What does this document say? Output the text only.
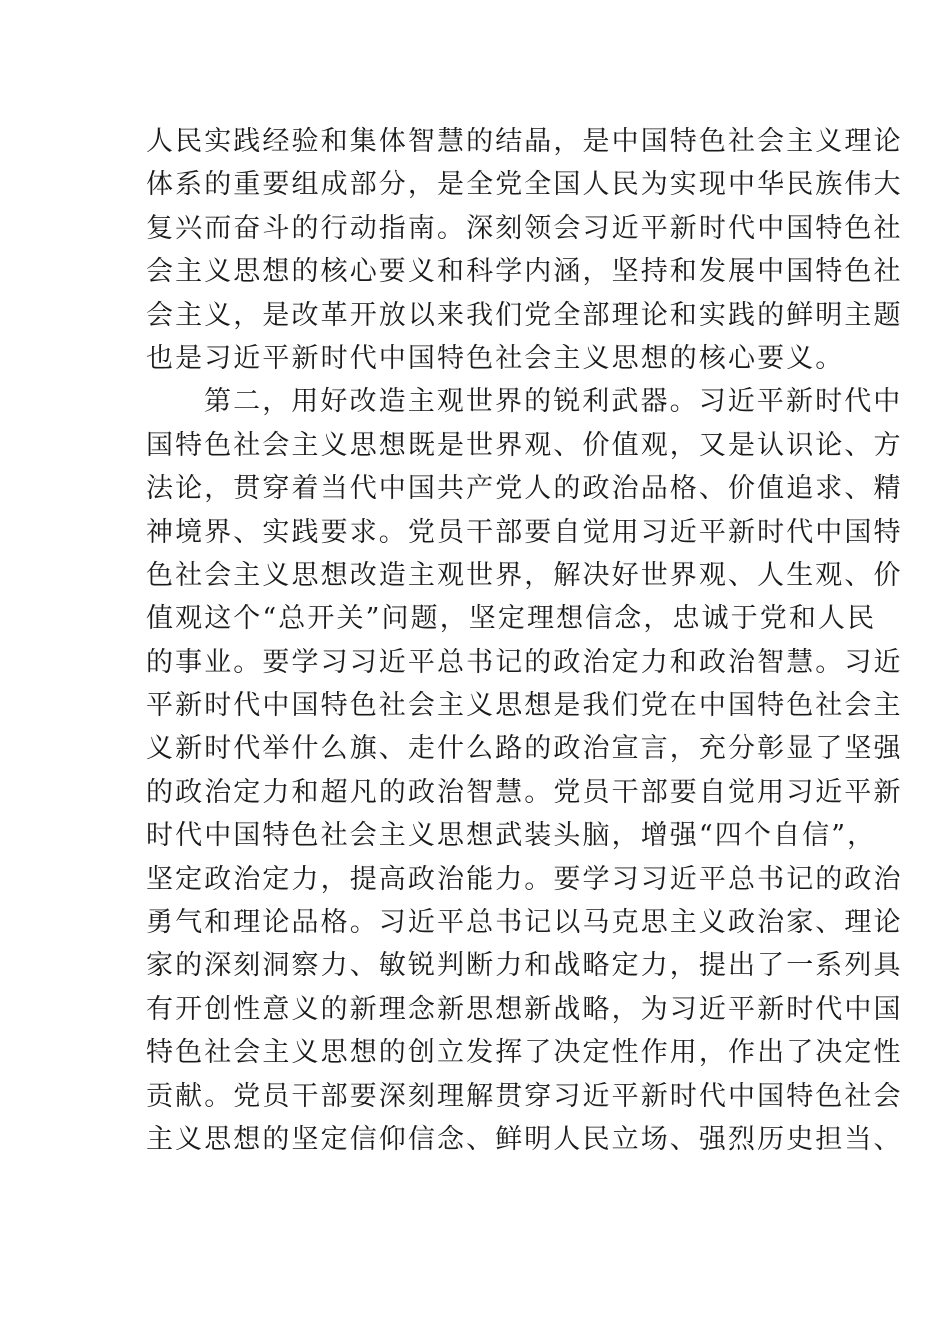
人民实践经验和集体智慧的结晶，是中国特色社会主义理论
体系的重要组成部分，是全党全国人民为实现中华民族伟大
复兴而奋斗的行动指南。深刻领会习近平新时代中国特色社
会主义思想的核心要义和科学内涵，坚持和发展中国特色社
会主义，是改革开放以来我们党全部理论和实践的鲜明主题
也是习近平新时代中国特色社会主义思想的核心要义。
第二，用好改造主观世界的锐利武器。习近平新时代中
国特色社会主义思想既是世界观、价值观，又是认识论、方
法论，贯穿着当代中国共产党人的政治品格、价值追求、精
神境界、实践要求。党员干部要自觉用习近平新时代中国特
色社会主义思想改造主观世界，解决好世界观、人生观、价
值观这个“总开关”问题，坚定理想信念，忠诚于党和人民
的事业。要学习习近平总书记的政治定力和政治智慧。习近
平新时代中国特色社会主义思想是我们党在中国特色社会主
义新时代举什么旗、走什么路的政治宣言，充分彰显了坚强
的政治定力和超凡的政治智慧。党员干部要自觉用习近平新
时代中国特色社会主义思想武装头脑，增强“四个自信”，
坚定政治定力，提高政治能力。要学习习近平总书记的政治
勇气和理论品格。习近平总书记以马克思主义政治家、理论
家的深刻洞察力、敏锐判断力和战略定力，提出了一系列具
有开创性意义的新理念新思想新战略，为习近平新时代中国
特色社会主义思想的创立发挥了决定性作用，作出了决定性
贡献。党员干部要深刻理解贯穿习近平新时代中国特色社会
主义思想的坚定信仰信念、鲜明人民立场、强烈历史担当、
